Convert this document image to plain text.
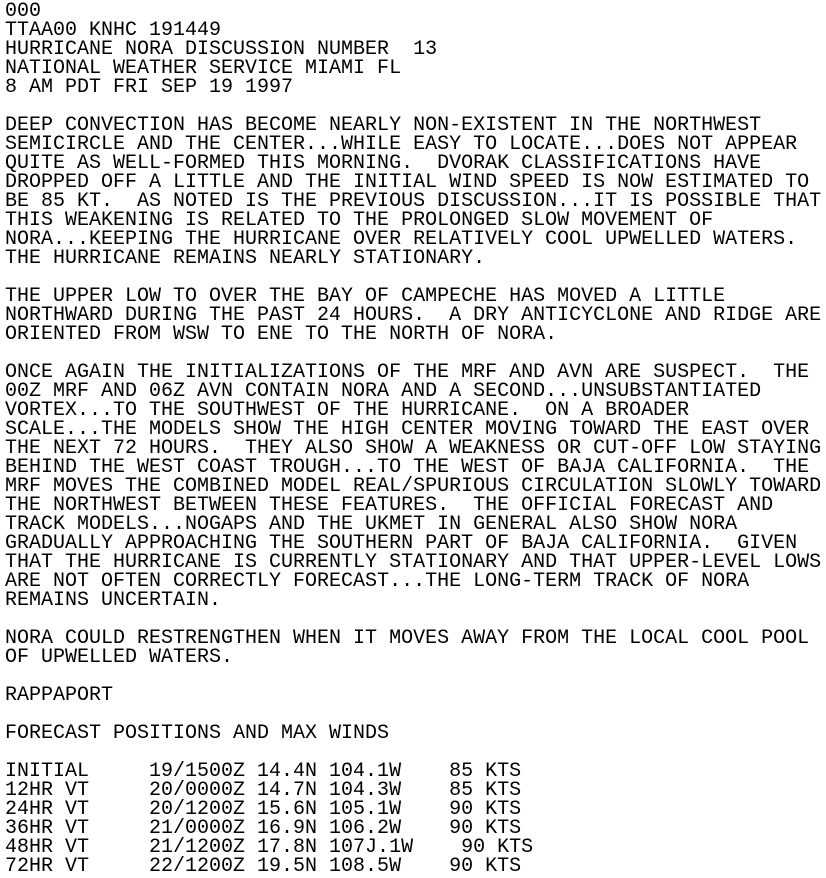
000
TTAA00 KNHC 191449
HURRICANE NORA DISCUSSION NUMBER  13
NATIONAL WEATHER SERVICE MIAMI FL
8 AM PDT FRI SEP 19 1997
DEEP CONVECTION HAS BECOME NEARLY NON-EXISTENT IN THE NORTHWEST
SEMICIRCLE AND THE CENTER...WHILE EASY TO LOCATE...DOES NOT APPEAR
QUITE AS WELL-FORMED THIS MORNING.  DVORAK CLASSIFICATIONS HAVE
DROPPED OFF A LITTLE AND THE INITIAL WIND SPEED IS NOW ESTIMATED TO
BE 85 KT.  AS NOTED IS THE PREVIOUS DISCUSSION...IT IS POSSIBLE THAT
THIS WEAKENING IS RELATED TO THE PROLONGED SLOW MOVEMENT OF
NORA...KEEPING THE HURRICANE OVER RELATIVELY COOL UPWELLED WATERS.
THE HURRICANE REMAINS NEARLY STATIONARY.
THE UPPER LOW TO OVER THE BAY OF CAMPECHE HAS MOVED A LITTLE
NORTHWARD DURING THE PAST 24 HOURS.  A DRY ANTICYCLONE AND RIDGE ARE
ORIENTED FROM WSW TO ENE TO THE NORTH OF NORA.
ONCE AGAIN THE INITIALIZATIONS OF THE MRF AND AVN ARE SUSPECT.  THE
00Z MRF AND 06Z AVN CONTAIN NORA AND A SECOND...UNSUBSTANTIATED
VORTEX...TO THE SOUTHWEST OF THE HURRICANE.  ON A BROADER
SCALE...THE MODELS SHOW THE HIGH CENTER MOVING TOWARD THE EAST OVER
THE NEXT 72 HOURS.  THEY ALSO SHOW A WEAKNESS OR CUT-OFF LOW STAYING
BEHIND THE WEST COAST TROUGH...TO THE WEST OF BAJA CALIFORNIA.  THE
MRF MOVES THE COMBINED MODEL REAL/SPURIOUS CIRCULATION SLOWLY TOWARD
THE NORTHWEST BETWEEN THESE FEATURES.  THE OFFICIAL FORECAST AND
TRACK MODELS...NOGAPS AND THE UKMET IN GENERAL ALSO SHOW NORA
GRADUALLY APPROACHING THE SOUTHERN PART OF BAJA CALIFORNIA.  GIVEN
THAT THE HURRICANE IS CURRENTLY STATIONARY AND THAT UPPER-LEVEL LOWS
ARE NOT OFTEN CORRECTLY FORECAST...THE LONG-TERM TRACK OF NORA
REMAINS UNCERTAIN.
NORA COULD RESTRENGTHEN WHEN IT MOVES AWAY FROM THE LOCAL COOL POOL
OF UPWELLED WATERS.
RAPPAPORT
FORECAST POSITIONS AND MAX WINDS
INITIAL     19/1500Z 14.4N 104.1W    85 KTS
12HR VT     20/0000Z 14.7N 104.3W    85 KTS
24HR VT     20/1200Z 15.6N 105.1W    90 KTS
36HR VT     21/0000Z 16.9N 106.2W    90 KTS
48HR VT     21/1200Z 17.8N 107J.1W    90 KTS
72HR VT     22/1200Z 19.5N 108.5W    90 KTS
